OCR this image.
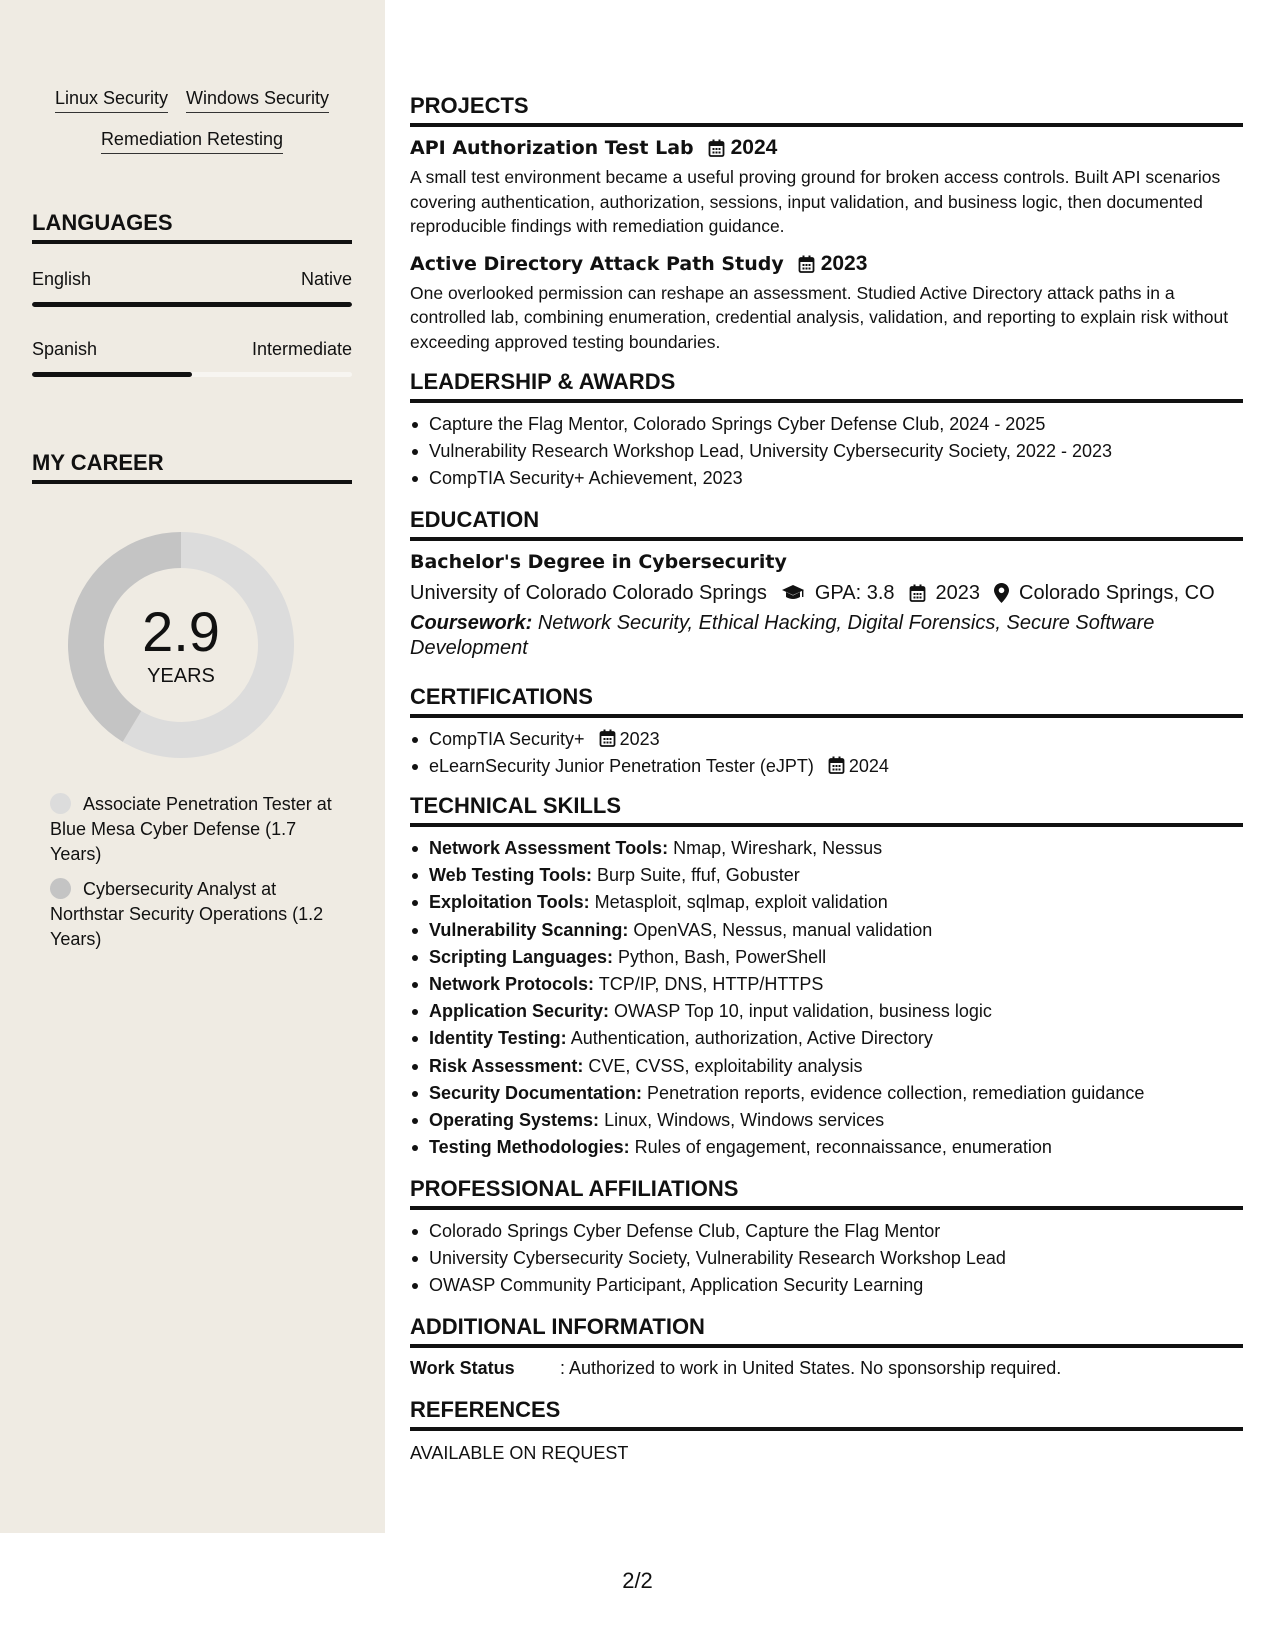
Linux Security Windows Security
Remediation Retesting
LANGUAGES
English	Native
Spanish	Intermediate
MY CAREER
2.9
YEARS
Associate Penetration Tester at Blue Mesa Cyber Defense (1.7 Years)
Cybersecurity Analyst at Northstar Security Operations (1.2 Years)
PROJECTS
API Authorization Test Lab 2024
A small test environment became a useful proving ground for broken access controls. Built API scenarios covering authentication, authorization, sessions, input validation, and business logic, then documented reproducible findings with remediation guidance.
Active Directory Attack Path Study 2023
One overlooked permission can reshape an assessment. Studied Active Directory attack paths in a controlled lab, combining enumeration, credential analysis, validation, and reporting to explain risk without exceeding approved testing boundaries.
LEADERSHIP & AWARDS
Capture the Flag Mentor, Colorado Springs Cyber Defense Club, 2024 - 2025
Vulnerability Research Workshop Lead, University Cybersecurity Society, 2022 - 2023
CompTIA Security+ Achievement, 2023
EDUCATION
Bachelor's Degree in Cybersecurity
University of Colorado Colorado Springs GPA: 3.8 2023 Colorado Springs, CO
Coursework: Network Security, Ethical Hacking, Digital Forensics, Secure Software Development
CERTIFICATIONS
CompTIA Security+ 2023
eLearnSecurity Junior Penetration Tester (eJPT) 2024
TECHNICAL SKILLS
Network Assessment Tools: Nmap, Wireshark, Nessus
Web Testing Tools: Burp Suite, ffuf, Gobuster
Exploitation Tools: Metasploit, sqlmap, exploit validation
Vulnerability Scanning: OpenVAS, Nessus, manual validation
Scripting Languages: Python, Bash, PowerShell
Network Protocols: TCP/IP, DNS, HTTP/HTTPS
Application Security: OWASP Top 10, input validation, business logic
Identity Testing: Authentication, authorization, Active Directory
Risk Assessment: CVE, CVSS, exploitability analysis
Security Documentation: Penetration reports, evidence collection, remediation guidance
Operating Systems: Linux, Windows, Windows services
Testing Methodologies: Rules of engagement, reconnaissance, enumeration
PROFESSIONAL AFFILIATIONS
Colorado Springs Cyber Defense Club, Capture the Flag Mentor
University Cybersecurity Society, Vulnerability Research Workshop Lead
OWASP Community Participant, Application Security Learning
ADDITIONAL INFORMATION
Work Status	: Authorized to work in United States. No sponsorship required.
REFERENCES
AVAILABLE ON REQUEST
2/2
